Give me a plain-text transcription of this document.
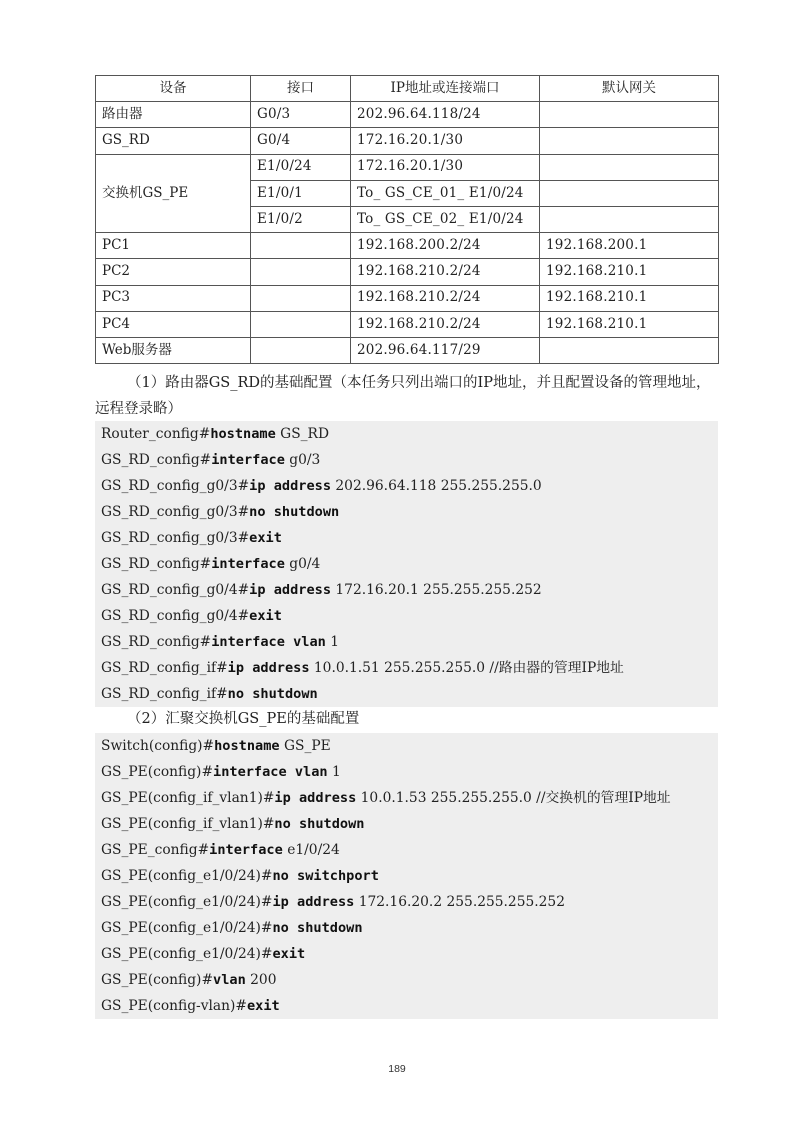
设备	接口	IP地址或连接端口	默认网关
路由器	G0/3	202.96.64.118/24	
GS_RD	G0/4	172.16.20.1/30	
交换机GS_PE	E1/0/24	172.16.20.1/30	
	E1/0/1	To_ GS_CE_01_ E1/0/24	
	E1/0/2	To_ GS_CE_02_ E1/0/24	
PC1		192.168.200.2/24	192.168.200.1
PC2		192.168.210.2/24	192.168.210.1
PC3		192.168.210.2/24	192.168.210.1
PC4		192.168.210.2/24	192.168.210.1
Web服务器		202.96.64.117/29	
（1）路由器GS_RD的基础配置（本任务只列出端口的IP地址，并且配置设备的管理地址，远程登录略）
Router_config#hostname GS_RD
GS_RD_config#interface g0/3
GS_RD_config_g0/3#ip address 202.96.64.118 255.255.255.0
GS_RD_config_g0/3#no shutdown
GS_RD_config_g0/3#exit
GS_RD_config#interface g0/4
GS_RD_config_g0/4#ip address 172.16.20.1 255.255.255.252
GS_RD_config_g0/4#exit
GS_RD_config#interface vlan 1
GS_RD_config_if#ip address 10.0.1.51 255.255.255.0 //路由器的管理IP地址
GS_RD_config_if#no shutdown
（2）汇聚交换机GS_PE的基础配置
Switch(config)#hostname GS_PE
GS_PE(config)#interface vlan 1
GS_PE(config_if_vlan1)#ip address 10.0.1.53 255.255.255.0 //交换机的管理IP地址
GS_PE(config_if_vlan1)#no shutdown
GS_PE_config#interface e1/0/24
GS_PE(config_e1/0/24)#no switchport
GS_PE(config_e1/0/24)#ip address 172.16.20.2 255.255.255.252
GS_PE(config_e1/0/24)#no shutdown
GS_PE(config_e1/0/24)#exit
GS_PE(config)#vlan 200
GS_PE(config-vlan)#exit
189
